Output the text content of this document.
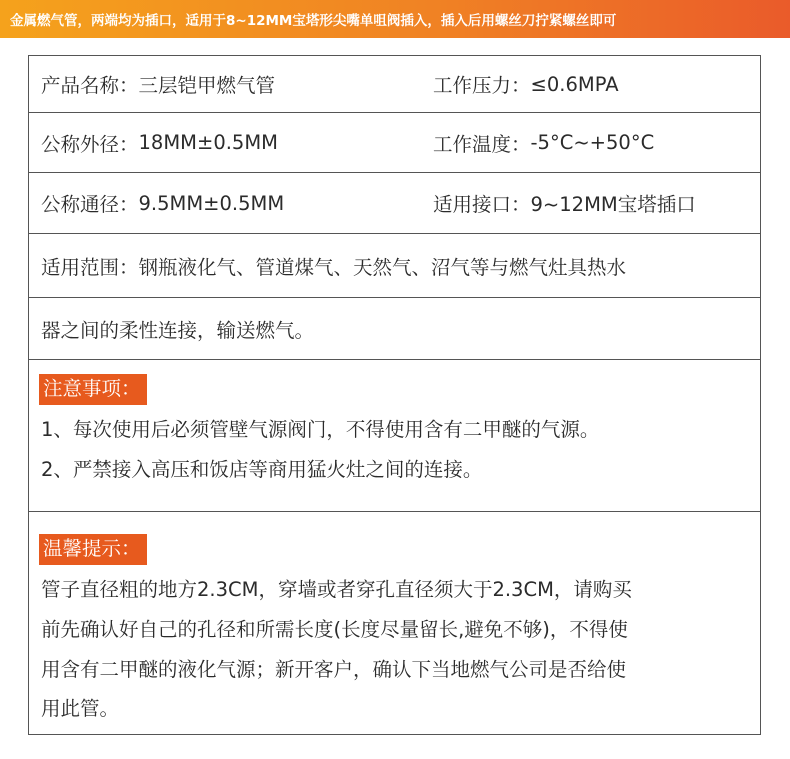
金属燃气管，两端均为插口，适用于8~12MM宝塔形尖嘴单咀阀插入，插入后用螺丝刀拧紧螺丝即可
产品名称： 三层铠甲燃气管	工作压力： ≤0.6MPA
公称外径： 18MM±0.5MM	工作温度： -5°C~+50°C
公称通径： 9.5MM±0.5MM	适用接口： 9~12MM宝塔插口
适用范围：钢瓶液化气、管道煤气、天然气、沼气等与燃气灶具热水
器之间的柔性连接，输送燃气。
注意事项：
1、每次使用后必须管壁气源阀门，不得使用含有二甲醚的气源。
2、严禁接入高压和饭店等商用猛火灶之间的连接。
温馨提示：
管子直径粗的地方2.3CM，穿墙或者穿孔直径须大于2.3CM，请购买
前先确认好自己的孔径和所需长度(长度尽量留长,避免不够)，不得使
用含有二甲醚的液化气源；新开客户，确认下当地燃气公司是否给使
用此管。
